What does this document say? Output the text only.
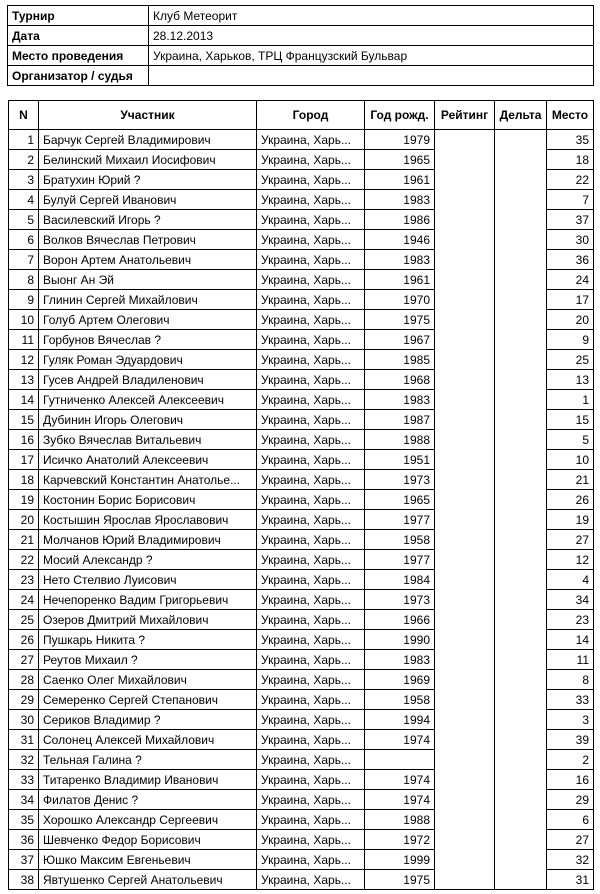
Турнир	Клуб Метеорит
Дата	28.12.2013
Место проведения	Украина, Харьков, ТРЦ Французский Бульвар
Организатор / судья	
N	Участник	Город	Год рожд.	Рейтинг	Дельта	Место
1	Барчук Сергей Владимирович	Украина, Харь...	1979			35
2	Белинский Михаил Иосифович	Украина, Харь...	1965			18
3	Братухин Юрий ?	Украина, Харь...	1961			22
4	Булуй Сергей Иванович	Украина, Харь...	1983			7
5	Василевский Игорь ?	Украина, Харь...	1986			37
6	Волков Вячеслав Петрович	Украина, Харь...	1946			30
7	Ворон Артем Анатольевич	Украина, Харь...	1983			36
8	Выонг Ан Эй	Украина, Харь...	1961			24
9	Глинин Сергей Михайлович	Украина, Харь...	1970			17
10	Голуб Артем Олегович	Украина, Харь...	1975			20
11	Горбунов Вячеслав ?	Украина, Харь...	1967			9
12	Гуляк Роман Эдуардович	Украина, Харь...	1985			25
13	Гусев Андрей Владиленович	Украина, Харь...	1968			13
14	Гутниченко Алексей Алексеевич	Украина, Харь...	1983			1
15	Дубинин Игорь Олегович	Украина, Харь...	1987			15
16	Зубко Вячеслав Витальевич	Украина, Харь...	1988			5
17	Исичко Анатолий Алексеевич	Украина, Харь...	1951			10
18	Карчевский Константин Анатолье...	Украина, Харь...	1973			21
19	Костонин Борис Борисович	Украина, Харь...	1965			26
20	Костышин Ярослав Ярославович	Украина, Харь...	1977			19
21	Молчанов Юрий Владимирович	Украина, Харь...	1958			27
22	Мосий Александр ?	Украина, Харь...	1977			12
23	Нето Стелвио Луисович	Украина, Харь...	1984			4
24	Нечепоренко Вадим Григорьевич	Украина, Харь...	1973			34
25	Озеров Дмитрий Михайлович	Украина, Харь...	1966			23
26	Пушкарь Никита ?	Украина, Харь...	1990			14
27	Реутов Михаил ?	Украина, Харь...	1983			11
28	Саенко Олег Михайлович	Украина, Харь...	1969			8
29	Семеренко Сергей Степанович	Украина, Харь...	1958			33
30	Сериков Владимир ?	Украина, Харь...	1994			3
31	Солонец Алексей Михайлович	Украина, Харь...	1974			39
32	Тельная Галина ?	Украина, Харь...				2
33	Титаренко Владимир Иванович	Украина, Харь...	1974			16
34	Филатов Денис ?	Украина, Харь...	1974			29
35	Хорошко Александр Сергеевич	Украина, Харь...	1988			6
36	Шевченко Федор Борисович	Украина, Харь...	1972			27
37	Юшко Максим Евгеньевич	Украина, Харь...	1999			32
38	Явтушенко Сергей Анатольевич	Украина, Харь...	1975			31
